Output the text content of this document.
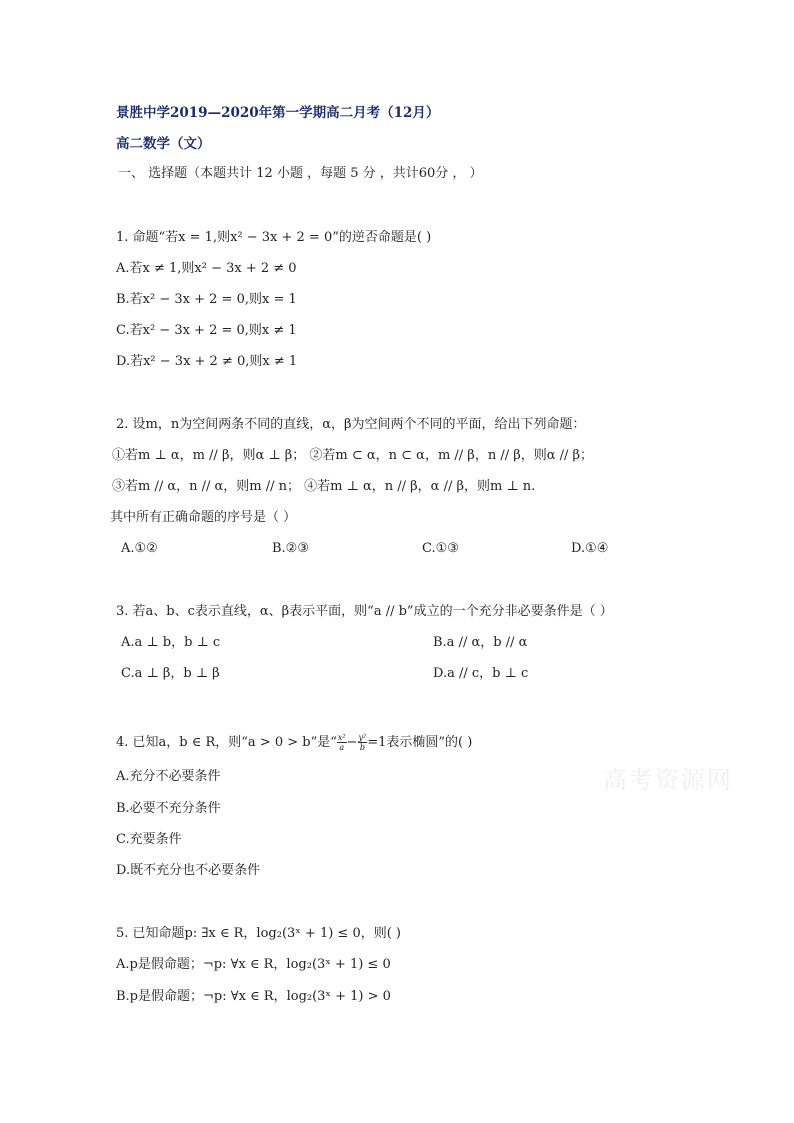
景胜中学2019—2020年第一学期高二月考（12月）
高二数学（文）
一、 选择题（本题共计 12 小题 ，每题 5 分 ，共计60分 ， ）
1. 命题“若x = 1,则x² − 3x + 2 = 0”的逆否命题是( )
A.若x ≠ 1,则x² − 3x + 2 ≠ 0
B.若x² − 3x + 2 = 0,则x = 1
C.若x² − 3x + 2 = 0,则x ≠ 1
D.若x² − 3x + 2 ≠ 0,则x ≠ 1
2. 设m，n为空间两条不同的直线，α，β为空间两个不同的平面，给出下列命题：
①若m ⊥ α，m // β，则α ⊥ β； ②若m ⊂ α，n ⊂ α，m // β，n // β，则α // β；
③若m // α，n // α，则m // n； ④若m ⊥ α，n // β，α // β，则m ⊥ n.
其中所有正确命题的序号是（ ）
A.①②	B.②③	C.①③	D.①④
3. 若a、b、c表示直线，α、β表示平面，则“a // b”成立的一个充分非必要条件是（ ）
A.a ⊥ b，b ⊥ c	B.a // α，b // α
C.a ⊥ β，b ⊥ β	D.a // c，b ⊥ c
4. 已知a，b ∈ R，则“a > 0 > b”是“ $\frac{\text{x²}}{a} - \frac{\text{y²}}{b} =1$表示椭圆”的( )
A.充分不必要条件
B.必要不充分条件
C.充要条件
D.既不充分也不必要条件
5. 已知命题p: ∃x ∈ R，log₂(3ˣ + 1) ≤ 0，则( )
A.p是假命题；¬p: ∀x ∈ R，log₂(3ˣ + 1) ≤ 0
B.p是假命题；¬p: ∀x ∈ R，log₂(3ˣ + 1) > 0
高考资源网
